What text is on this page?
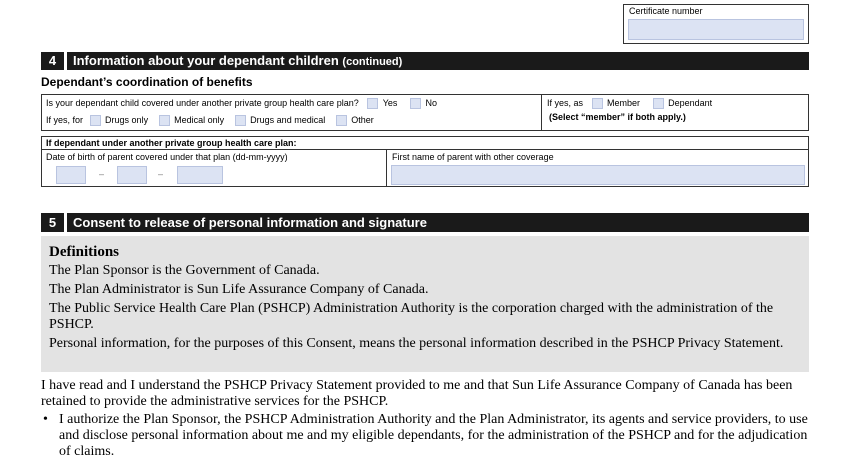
Certificate number
4	Information about your dependant children (continued)
Dependant’s coordination of benefits
Is your dependant child covered under another private group health care plan?	Yes	No
If yes, for Drugs only	Medical only	Drugs and medical	Other
If yes, as	Member	Dependant
(Select “member” if both apply.)
If dependant under another private group health care plan:
Date of birth of parent covered under that plan (dd-mm-yyyy)
–	–
First name of parent with other coverage
5	Consent to release of personal information and signature

Definitions

The Plan Sponsor is the Government of Canada.

The Plan Administrator is Sun Life Assurance Company of Canada.

The Public Service Health Care Plan (PSHCP) Administration Authority is the corporation charged with the administration of the PSHCP.

Personal information, for the purposes of this Consent, means the personal information described in the PSHCP Privacy Statement.

I have read and I understand the PSHCP Privacy Statement provided to me and that Sun Life Assurance Company of Canada has been retained to provide the administrative services for the PSHCP.
• I authorize the Plan Sponsor, the PSHCP Administration Authority and the Plan Administrator, its agents and service providers, to use and disclose personal information about me and my eligible dependants, for the administration of the PSHCP and for the adjudication of claims.
